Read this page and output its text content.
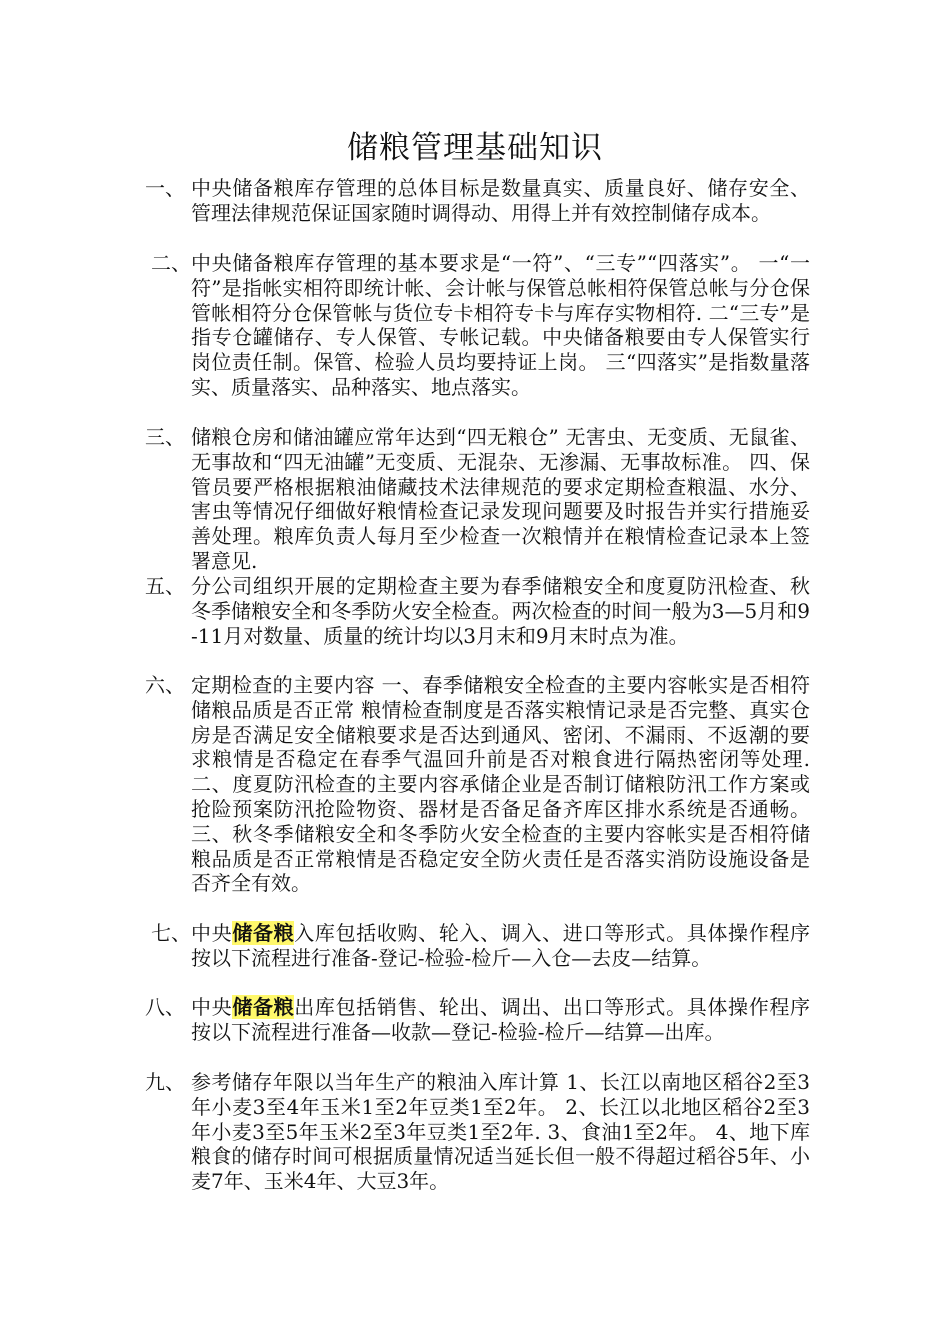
储粮管理基础知识
一、 中央储备粮库存管理的总体目标是数量真实、质量良好、储存安全、管理法律规范保证国家随时调得动、用得上并有效控制储存成本。
二、 中央储备粮库存管理的基本要求是“一符”、“三专”“四落实”。 一“一符”是指帐实相符即统计帐、会计帐与保管总帐相符保管总帐与分仓保管帐相符分仓保管帐与货位专卡相符专卡与库存实物相符. 二“三专”是指专仓罐储存、专人保管、专帐记载。中央储备粮要由专人保管实行岗位责任制。保管、检验人员均要持证上岗。 三“四落实”是指数量落实、质量落实、品种落实、地点落实。
三、 储粮仓房和储油罐应常年达到“四无粮仓” 无害虫、无变质、无鼠雀、无事故和“四无油罐”无变质、无混杂、无渗漏、无事故标准。 四、保管员要严格根据粮油储藏技术法律规范的要求定期检查粮温、水分、害虫等情况仔细做好粮情检查记录发现问题要及时报告并实行措施妥善处理。粮库负责人每月至少检查一次粮情并在粮情检查记录本上签署意见.
五、 分公司组织开展的定期检查主要为春季储粮安全和度夏防汛检查、秋冬季储粮安全和冬季防火安全检查。两次检查的时间一般为3—5月和9-11月对数量、质量的统计均以3月末和9月末时点为准。
六、 定期检查的主要内容 一、春季储粮安全检查的主要内容帐实是否相符储粮品质是否正常 粮情检查制度是否落实粮情记录是否完整、真实仓房是否满足安全储粮要求是否达到通风、密闭、不漏雨、不返潮的要求粮情是否稳定在春季气温回升前是否对粮食进行隔热密闭等处理. 二、度夏防汛检查的主要内容承储企业是否制订储粮防汛工作方案或抢险预案防汛抢险物资、器材是否备足备齐库区排水系统是否通畅。 三、秋冬季储粮安全和冬季防火安全检查的主要内容帐实是否相符储粮品质是否正常粮情是否稳定安全防火责任是否落实消防设施设备是否齐全有效。
七、 中央储备粮入库包括收购、轮入、调入、进口等形式。具体操作程序按以下流程进行准备-登记-检验-检斤—入仓—去皮—结算。
八、 中央储备粮出库包括销售、轮出、调出、出口等形式。具体操作程序按以下流程进行准备—收款—登记-检验-检斤—结算—出库。
九、 参考储存年限以当年生产的粮油入库计算 1、长江以南地区稻谷2至3年小麦3至4年玉米1至2年豆类1至2年。 2、长江以北地区稻谷2至3年小麦3至5年玉米2至3年豆类1至2年. 3、食油1至2年。 4、地下库粮食的储存时间可根据质量情况适当延长但一般不得超过稻谷5年、小麦7年、玉米4年、大豆3年。
